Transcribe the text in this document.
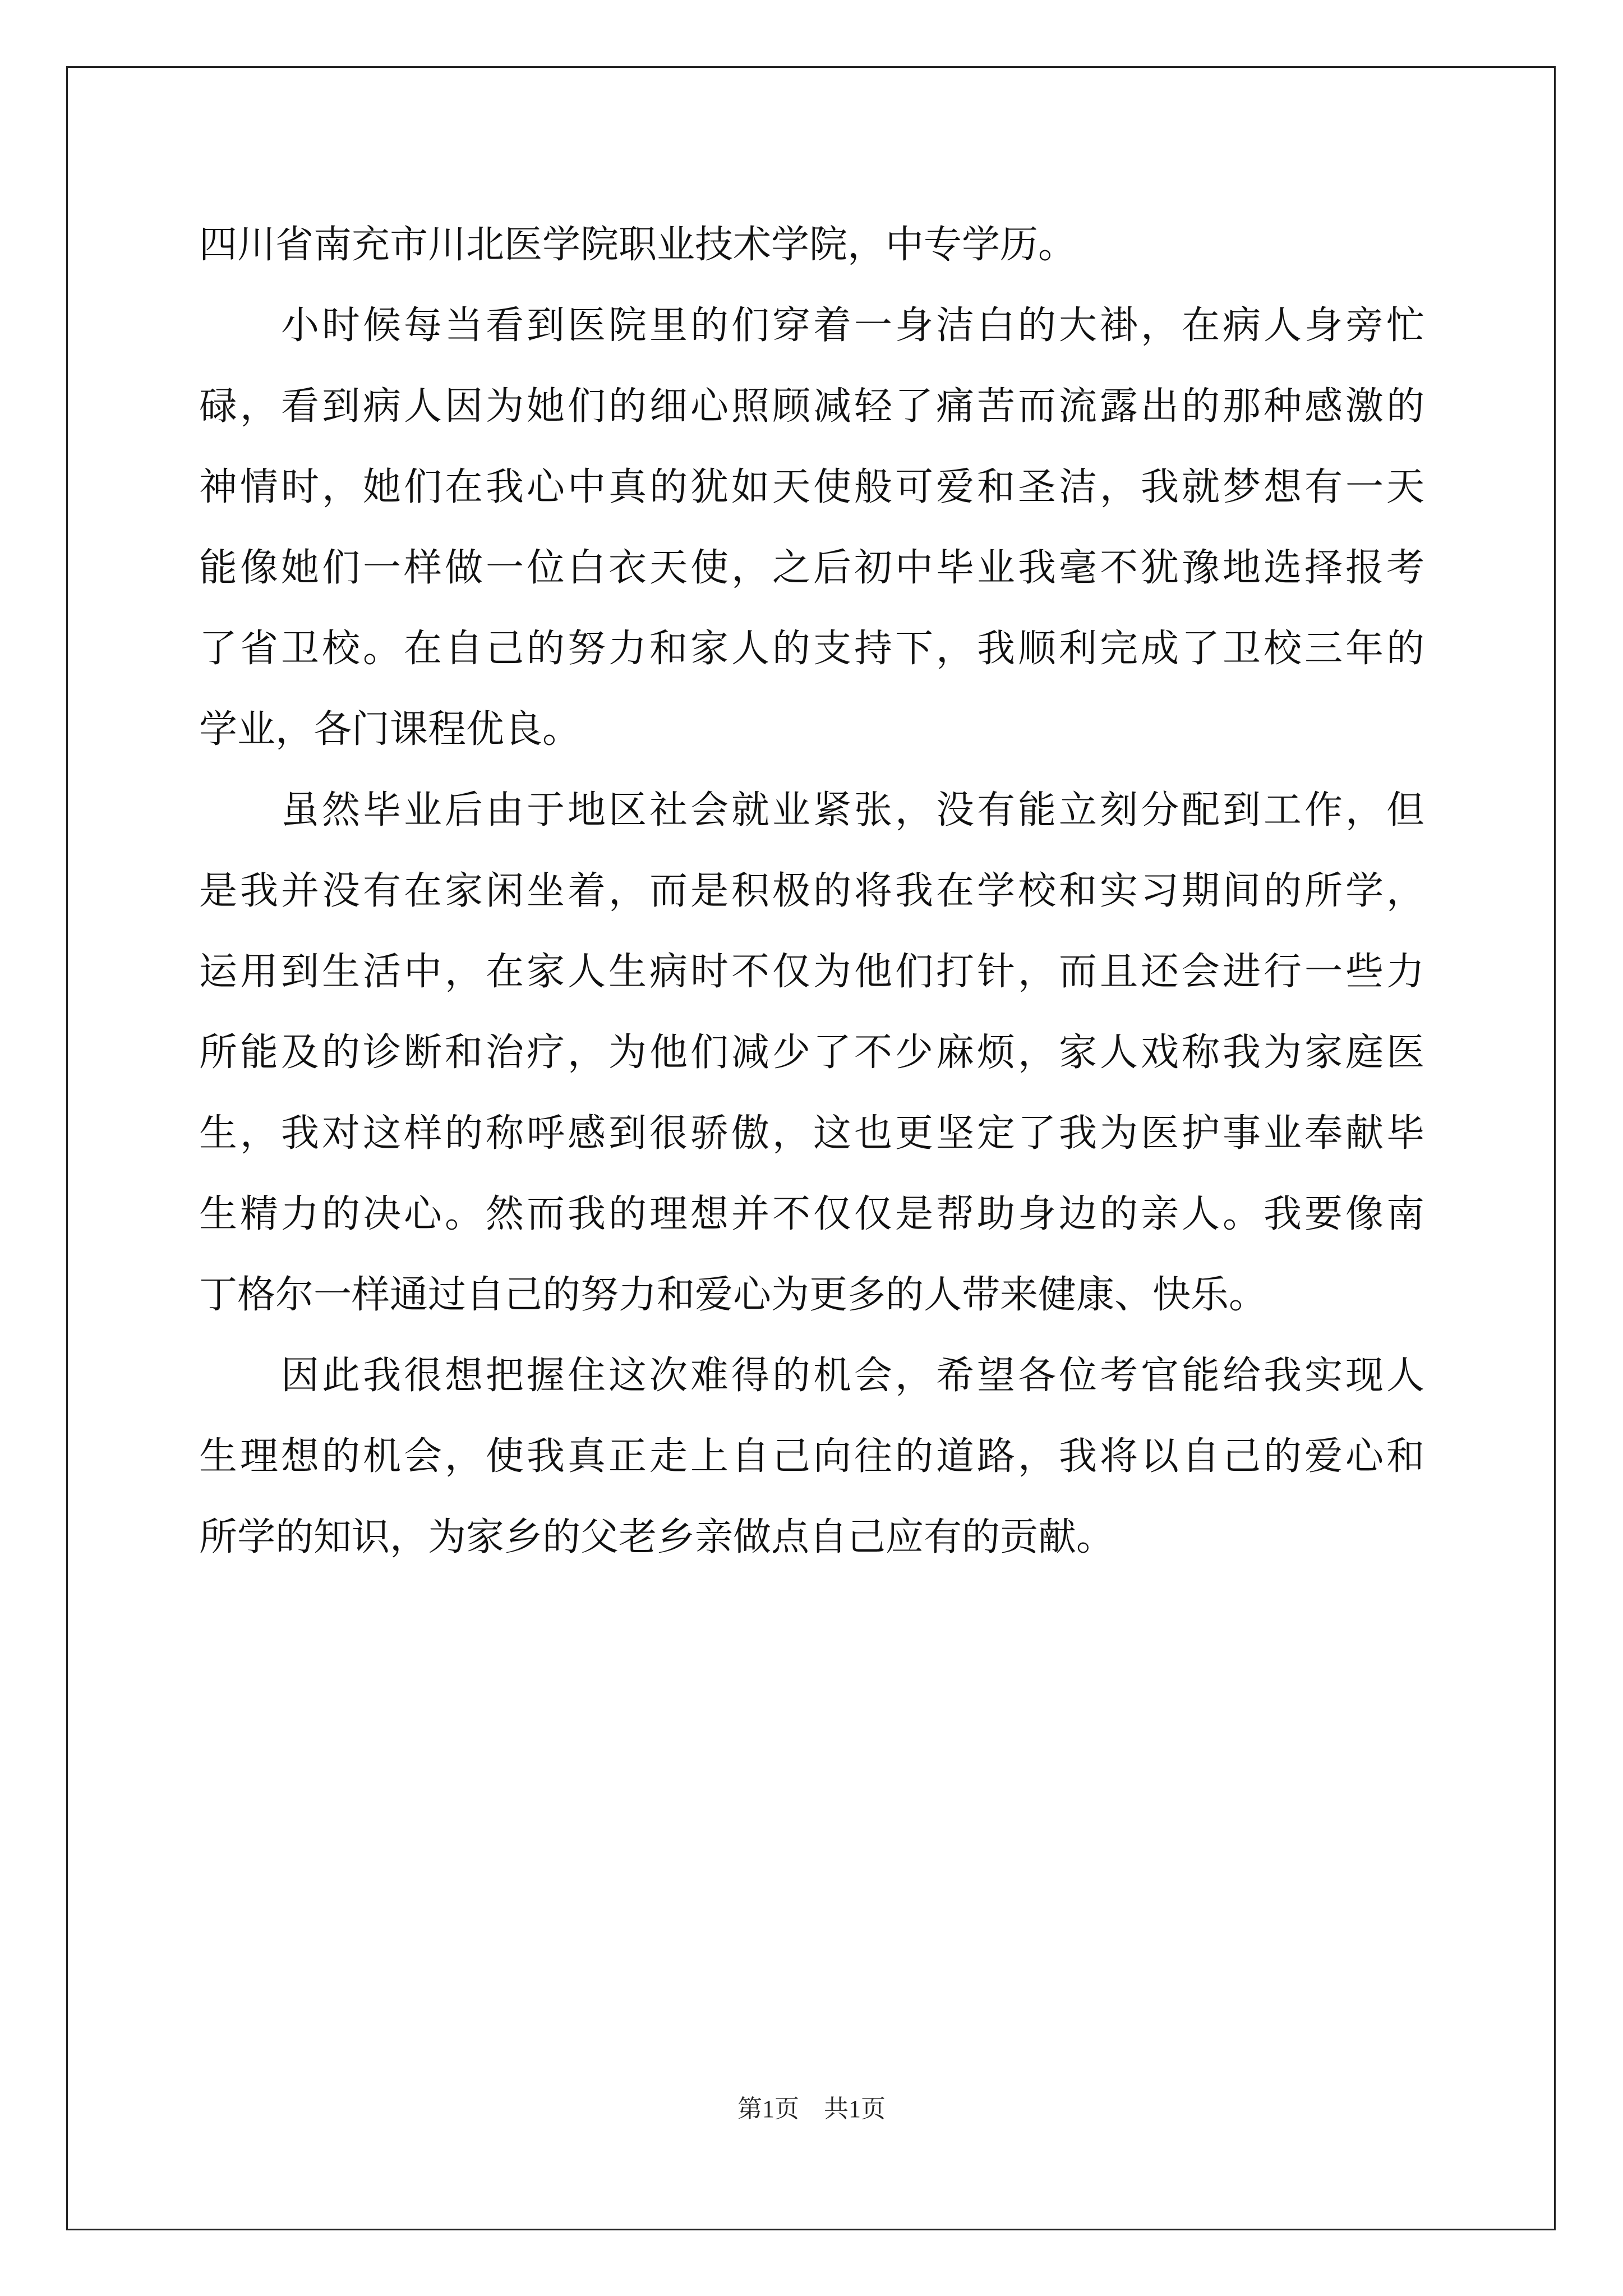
四川省南充市川北医学院职业技术学院，中专学历。
小时候每当看到医院里的们穿着一身洁白的大褂，在病人身旁忙
碌，看到病人因为她们的细心照顾减轻了痛苦而流露出的那种感激的
神情时，她们在我心中真的犹如天使般可爱和圣洁，我就梦想有一天
能像她们一样做一位白衣天使，之后初中毕业我毫不犹豫地选择报考
了省卫校。在自己的努力和家人的支持下，我顺利完成了卫校三年的
学业，各门课程优良。
虽然毕业后由于地区社会就业紧张，没有能立刻分配到工作，但
是我并没有在家闲坐着，而是积极的将我在学校和实习期间的所学，
运用到生活中，在家人生病时不仅为他们打针，而且还会进行一些力
所能及的诊断和治疗，为他们减少了不少麻烦，家人戏称我为家庭医
生，我对这样的称呼感到很骄傲，这也更坚定了我为医护事业奉献毕
生精力的决心。然而我的理想并不仅仅是帮助身边的亲人。我要像南
丁格尔一样通过自己的努力和爱心为更多的人带来健康、快乐。
因此我很想把握住这次难得的机会，希望各位考官能给我实现人
生理想的机会，使我真正走上自己向往的道路，我将以自己的爱心和
所学的知识，为家乡的父老乡亲做点自己应有的贡献。
第1页 共1页
